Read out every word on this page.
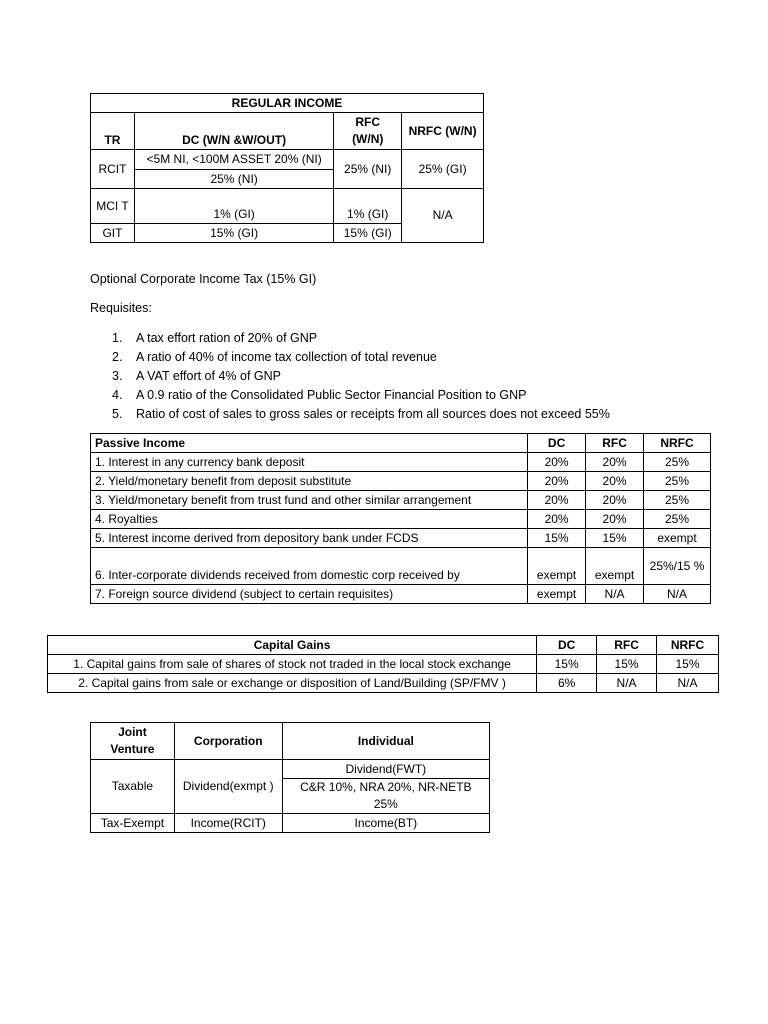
REGULAR INCOME			
TR	DC (W/N &W/OUT)	RFC (W/N)	NRFC (W/N)
RCIT	<5M NI, <100M ASSET 20% (NI)	25% (NI)	25% (GI)
	25% (NI)		
MCI T	1% (GI)	1% (GI)	N/A
GIT	15% (GI)	15% (GI)	
Optional Corporate Income Tax (15% GI)
Requisites:
1. A tax effort ration of 20% of GNP
2. A ratio of 40% of income tax collection of total revenue
3. A VAT effort of 4% of GNP
4. A 0.9 ratio of the Consolidated Public Sector Financial Position to GNP
5. Ratio of cost of sales to gross sales or receipts from all sources does not exceed 55%
Passive Income	DC	RFC	NRFC
1. Interest in any currency bank deposit	20%	20%	25%
2. Yield/monetary benefit from deposit substitute	20%	20%	25%
3. Yield/monetary benefit from trust fund and other similar arrangement	20%	20%	25%
4. Royalties	20%	20%	25%
5. Interest income derived from depository bank under FCDS	15%	15%	exempt
6. Inter-corporate dividends received from domestic corp received by	exempt	exempt	25%/15 %
7. Foreign source dividend (subject to certain requisites)	exempt	N/A	N/A
Capital Gains	DC	RFC	NRFC
1. Capital gains from sale of shares of stock not traded in the local stock exchange	15%	15%	15%
2. Capital gains from sale or exchange or disposition of Land/Building (SP/FMV )	6%	N/A	N/A
Joint Venture	Corporation	Individual
Taxable	Dividend(exmpt )	Dividend(FWT)
		C&R 10%, NRA 20%, NR-NETB 25%
Tax-Exempt	Income(RCIT)	Income(BT)
